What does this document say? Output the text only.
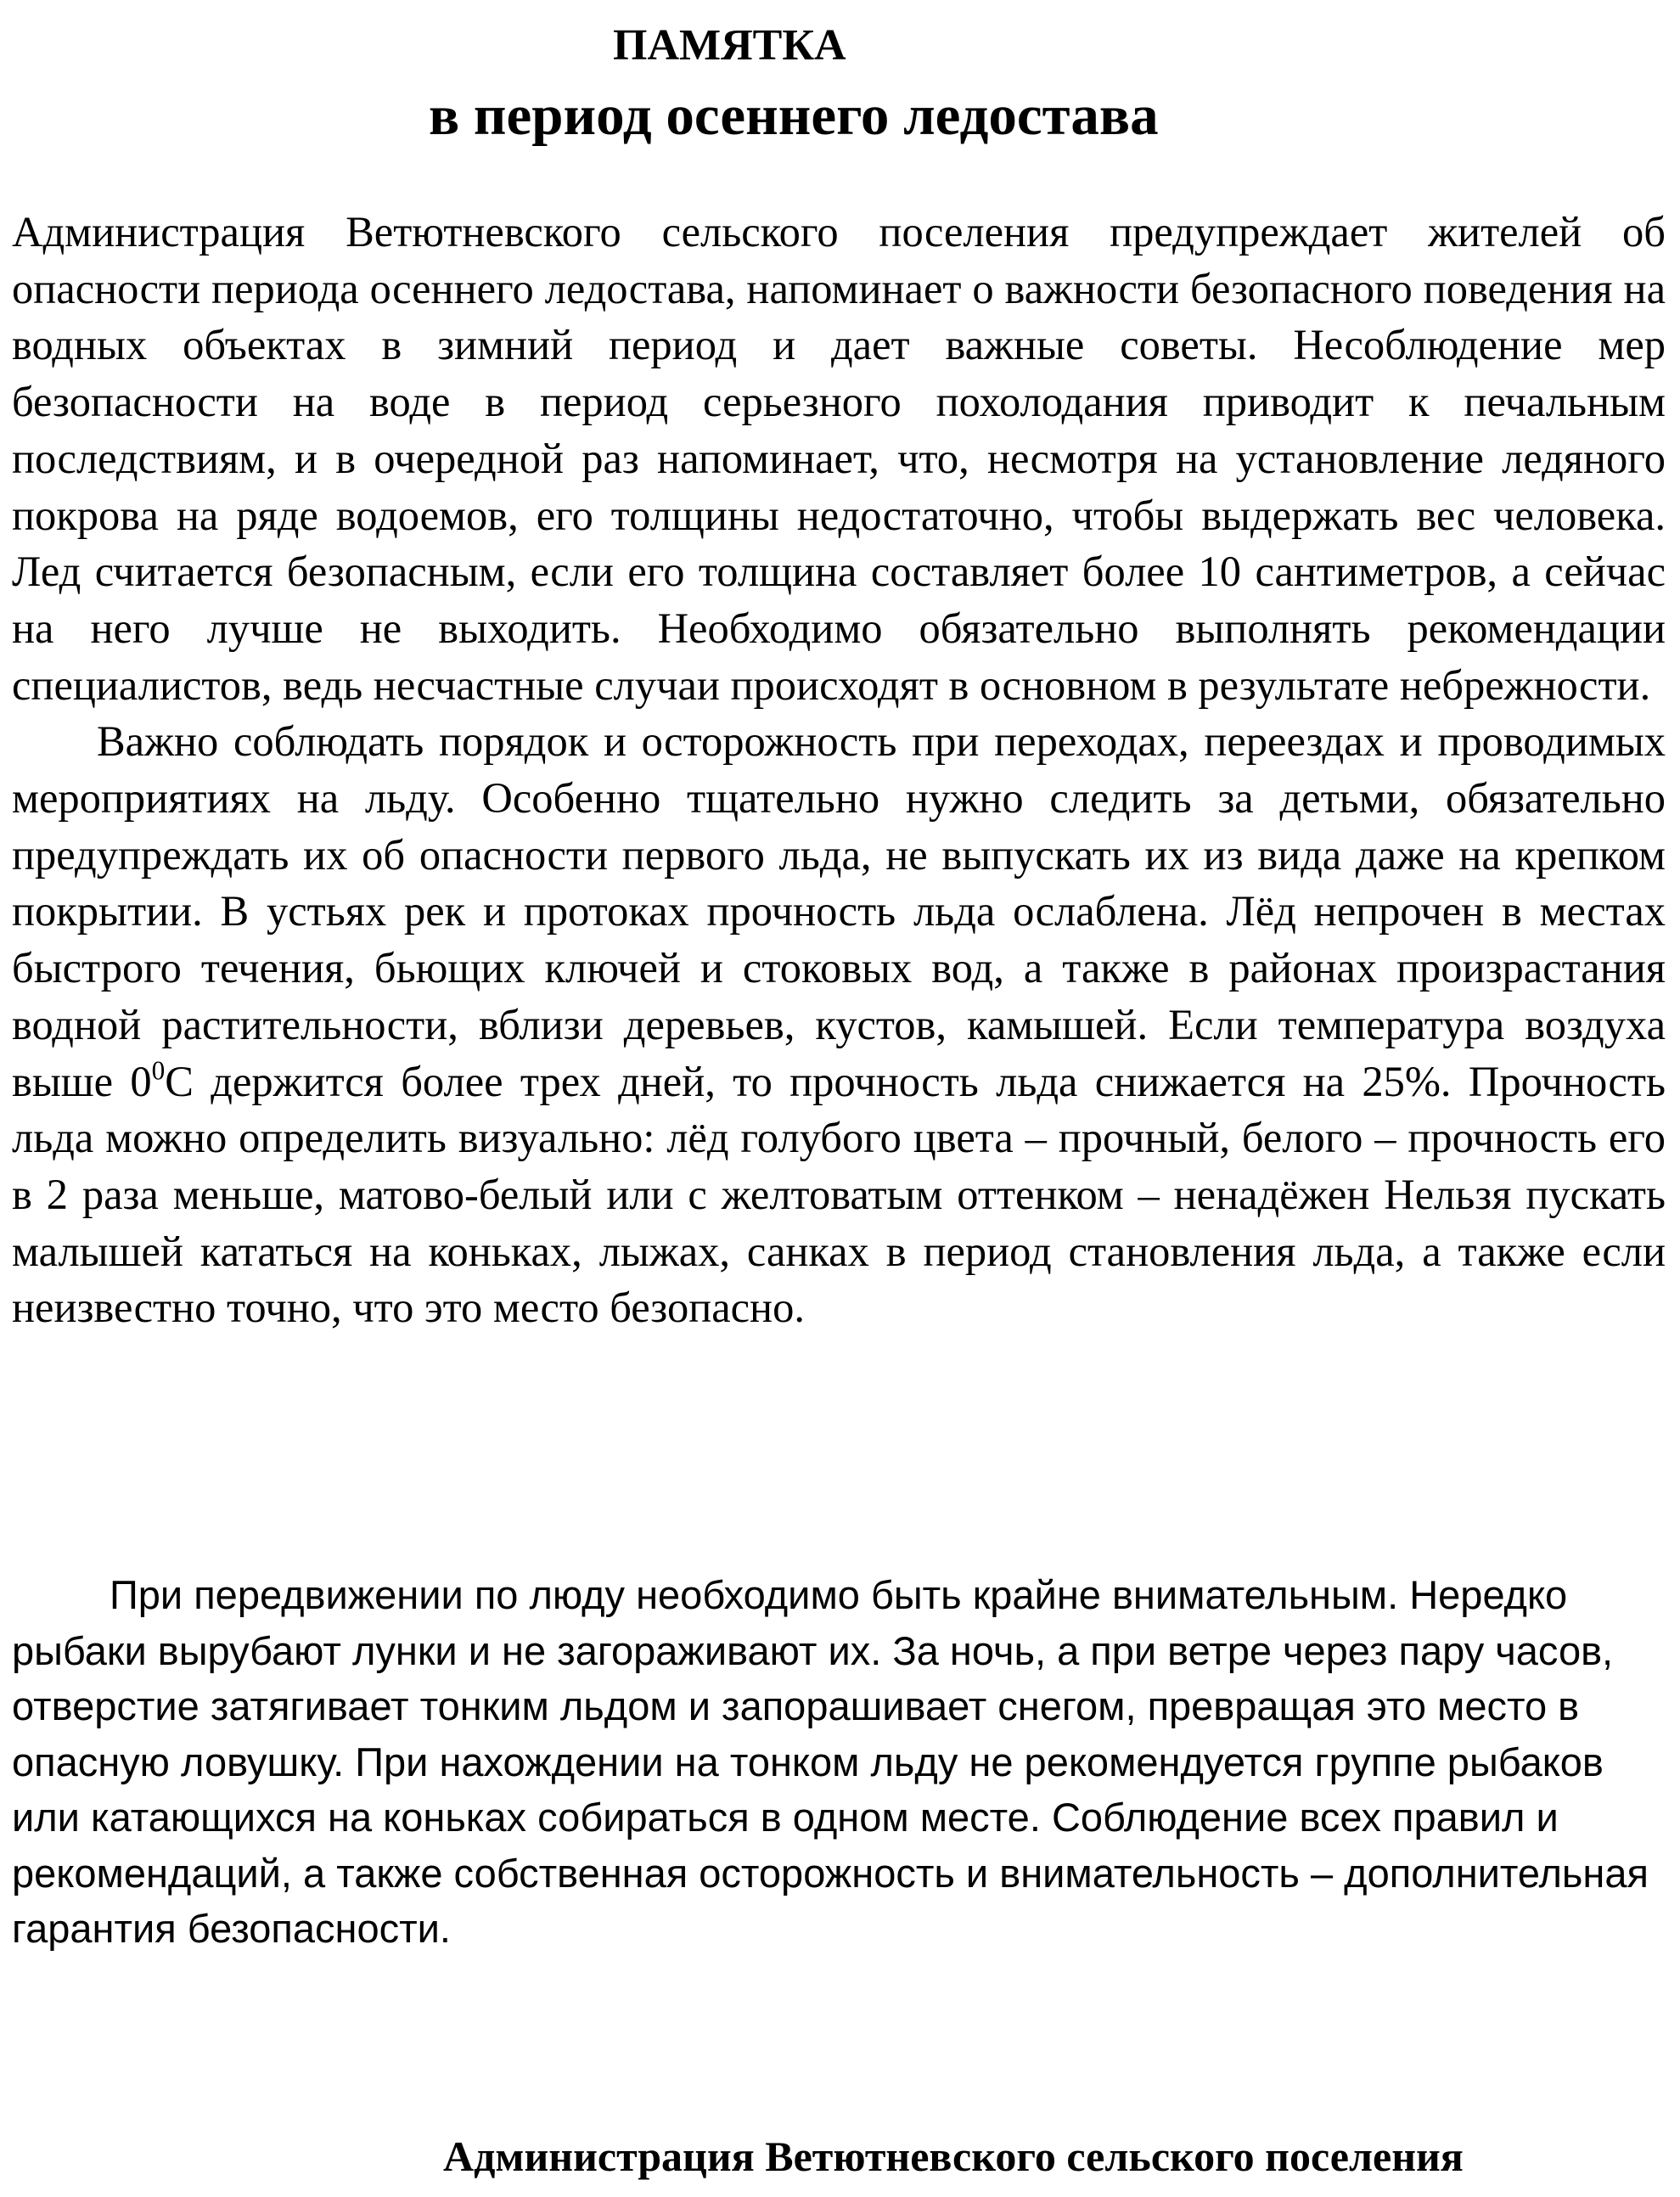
ПАМЯТКА
в период осеннего ледостава

Администрация Ветютневского сельского поселения предупреждает жителей об опасности периода осеннего ледостава, напоминает о важности безопасного поведения на водных объектах в зимний период и дает важные советы. Несоблюдение мер безопасности на воде в период серьезного похолодания приводит к печальным последствиям, и в очередной раз напоминает, что, несмотря на установление ледяного покрова на ряде водоемов, его толщины недостаточно, чтобы выдержать вес человека. Лед считается безопасным, если его толщина составляет более 10 сантиметров, а сейчас на него лучше не выходить. Необходимо обязательно выполнять рекомендации специалистов, ведь несчастные случаи происходят в основном в результате небрежности.

Важно соблюдать порядок и осторожность при переходах, переездах и проводимых мероприятиях на льду. Особенно тщательно нужно следить за детьми, обязательно предупреждать их об опасности первого льда, не выпускать их из вида даже на крепком покрытии. В устьях рек и протоках прочность льда ослаблена. Лёд непрочен в местах быстрого течения, бьющих ключей и стоковых вод, а также в районах произрастания водной растительности, вблизи деревьев, кустов, камышей. Если температура воздуха выше $0^0С$ держится более трех дней, то прочность льда снижается на 25%. Прочность льда можно определить визуально: лёд голубого цвета – прочный, белого – прочность его в 2 раза меньше, матово-белый или с желтоватым оттенком – ненадёжен Нельзя пускать малышей кататься на коньках, лыжах, санках в период становления льда, а также если неизвестно точно, что это место безопасно.

При передвижении по люду необходимо быть крайне внимательным. Нередко рыбаки вырубают лунки и не загораживают их. За ночь, а при ветре через пару часов, отверстие затягивает тонким льдом и запорашивает снегом, превращая это место в опасную ловушку. При нахождении на тонком льду не рекомендуется группе рыбаков или катающихся на коньках собираться в одном месте. Соблюдение всех правил и рекомендаций, а также собственная осторожность и внимательность – дополнительная гарантия безопасности.

Администрация Ветютневского сельского поселения
